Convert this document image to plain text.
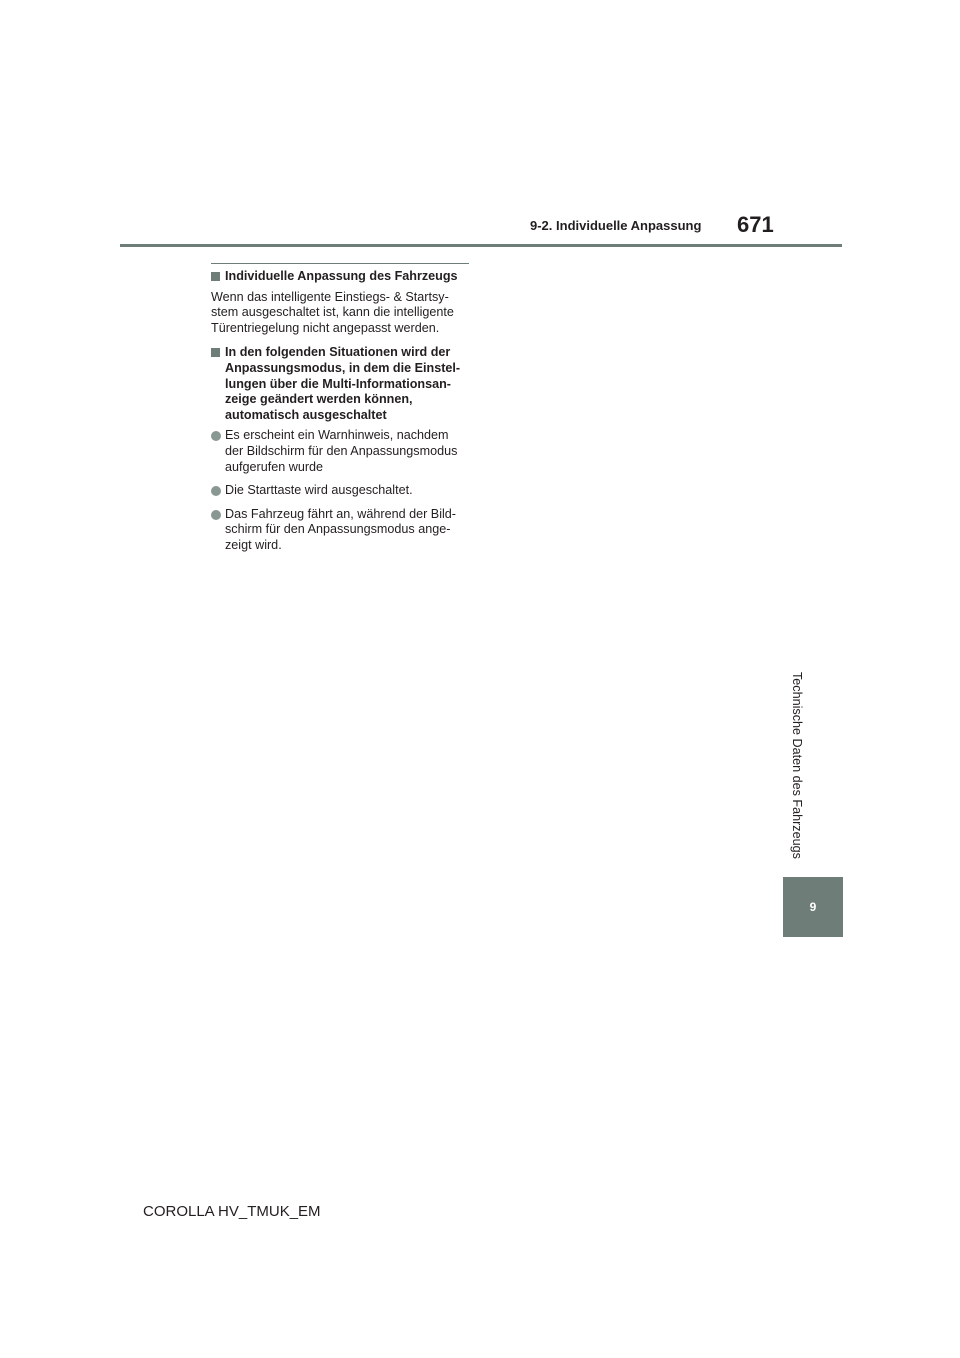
9-2. Individuelle Anpassung 671
Individuelle Anpassung des Fahrzeugs
Wenn das intelligente Einstiegs- & Startsy-
stem ausgeschaltet ist, kann die intelligente
Türentriegelung nicht angepasst werden.
In den folgenden Situationen wird der
Anpassungsmodus, in dem die Einstel-
lungen über die Multi-Informationsan-
zeige geändert werden können,
automatisch ausgeschaltet
Es erscheint ein Warnhinweis, nachdem
der Bildschirm für den Anpassungsmodus
aufgerufen wurde
Die Starttaste wird ausgeschaltet.
Das Fahrzeug fährt an, während der Bild-
schirm für den Anpassungsmodus ange-
zeigt wird.
Technische Daten des Fahrzeugs
9
COROLLA HV_TMUK_EM
